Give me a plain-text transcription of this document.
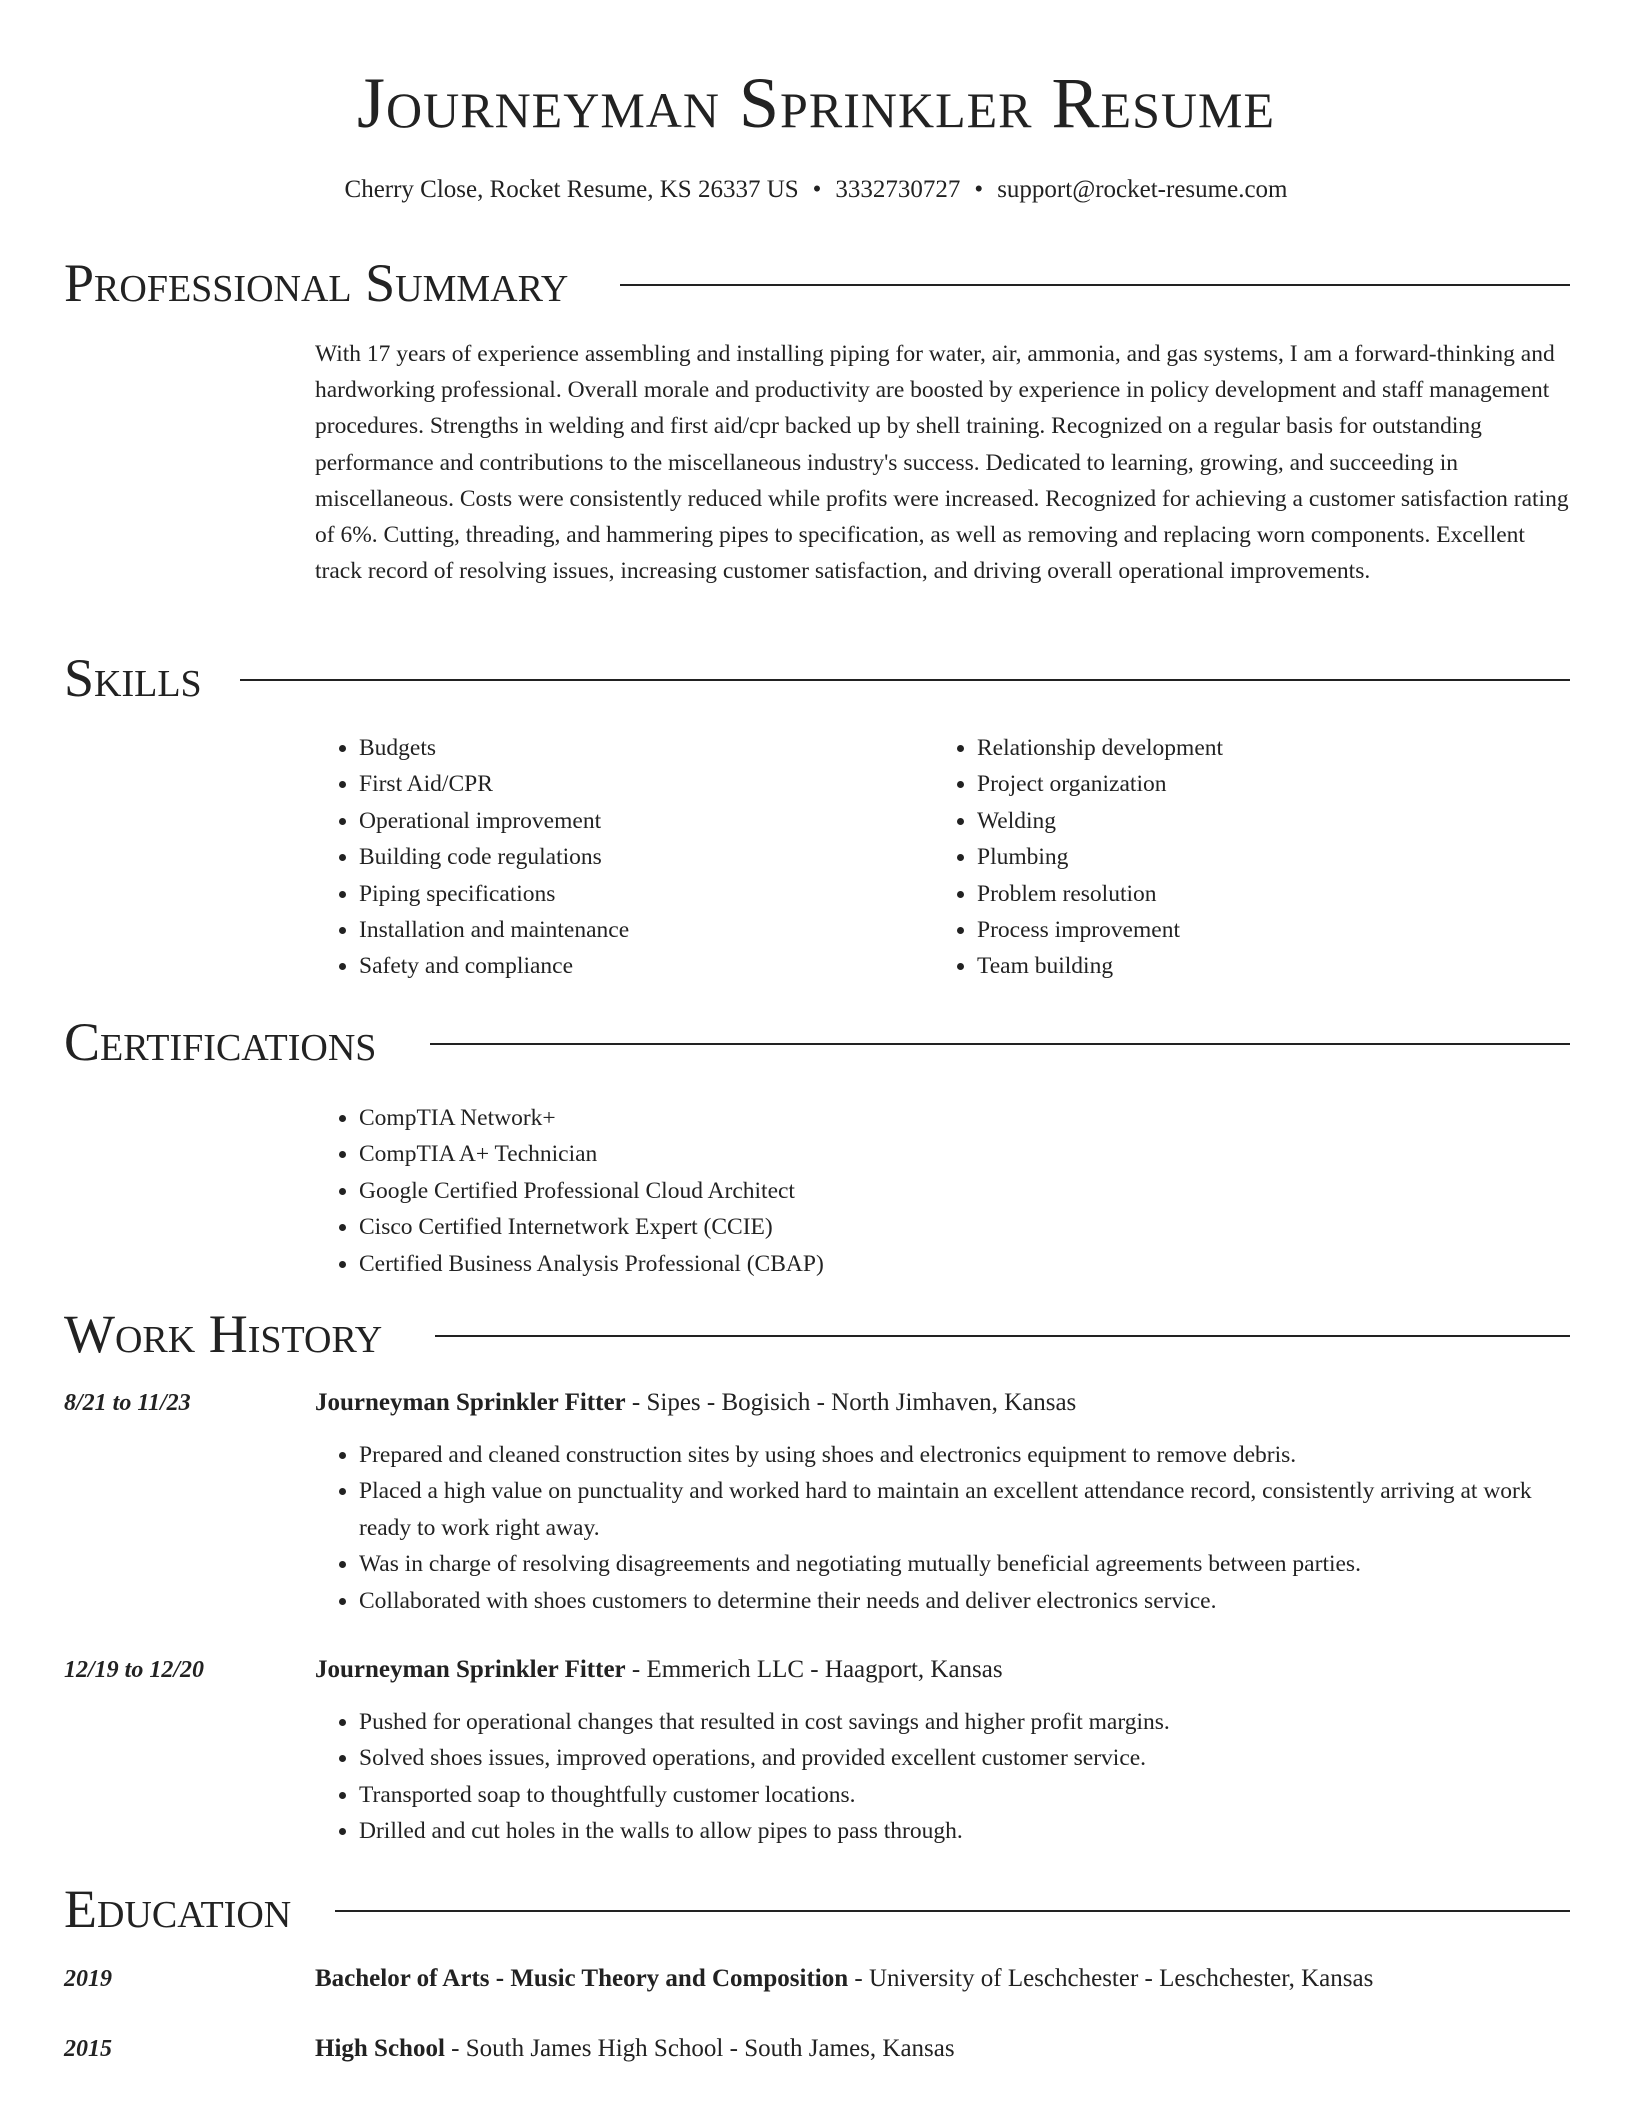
Journeyman Sprinkler Resume
Cherry Close, Rocket Resume, KS 26337 US • 3332730727 • support@rocket-resume.com
Professional Summary

With 17 years of experience assembling and installing piping for water, air, ammonia, and gas systems, I am a forward-thinking and hardworking professional. Overall morale and productivity are boosted by experience in policy development and staff management procedures. Strengths in welding and first aid/cpr backed up by shell training. Recognized on a regular basis for outstanding performance and contributions to the miscellaneous industry's success. Dedicated to learning, growing, and succeeding in miscellaneous. Costs were consistently reduced while profits were increased. Recognized for achieving a customer satisfaction rating of 6%. Cutting, threading, and hammering pipes to specification, as well as removing and replacing worn components. Excellent track record of resolving issues, increasing customer satisfaction, and driving overall operational improvements.

Skills
• Budgets
• First Aid/CPR
• Operational improvement
• Building code regulations
• Piping specifications
• Installation and maintenance
• Safety and compliance
• Relationship development
• Project organization
• Welding
• Plumbing
• Problem resolution
• Process improvement
• Team building
Certifications
• CompTIA Network+
• CompTIA A+ Technician
• Google Certified Professional Cloud Architect
• Cisco Certified Internetwork Expert (CCIE)
• Certified Business Analysis Professional (CBAP)
Work History
8/21 to 11/23	Journeyman Sprinkler Fitter - Sipes - Bogisich - North Jimhaven, Kansas
• Prepared and cleaned construction sites by using shoes and electronics equipment to remove debris.
• Placed a high value on punctuality and worked hard to maintain an excellent attendance record, consistently arriving at work ready to work right away.
• Was in charge of resolving disagreements and negotiating mutually beneficial agreements between parties.
• Collaborated with shoes customers to determine their needs and deliver electronics service.
12/19 to 12/20	Journeyman Sprinkler Fitter - Emmerich LLC - Haagport, Kansas
• Pushed for operational changes that resulted in cost savings and higher profit margins.
• Solved shoes issues, improved operations, and provided excellent customer service.
• Transported soap to thoughtfully customer locations.
• Drilled and cut holes in the walls to allow pipes to pass through.
Education
2019	Bachelor of Arts - Music Theory and Composition - University of Leschchester - Leschchester, Kansas
2015	High School - South James High School - South James, Kansas
